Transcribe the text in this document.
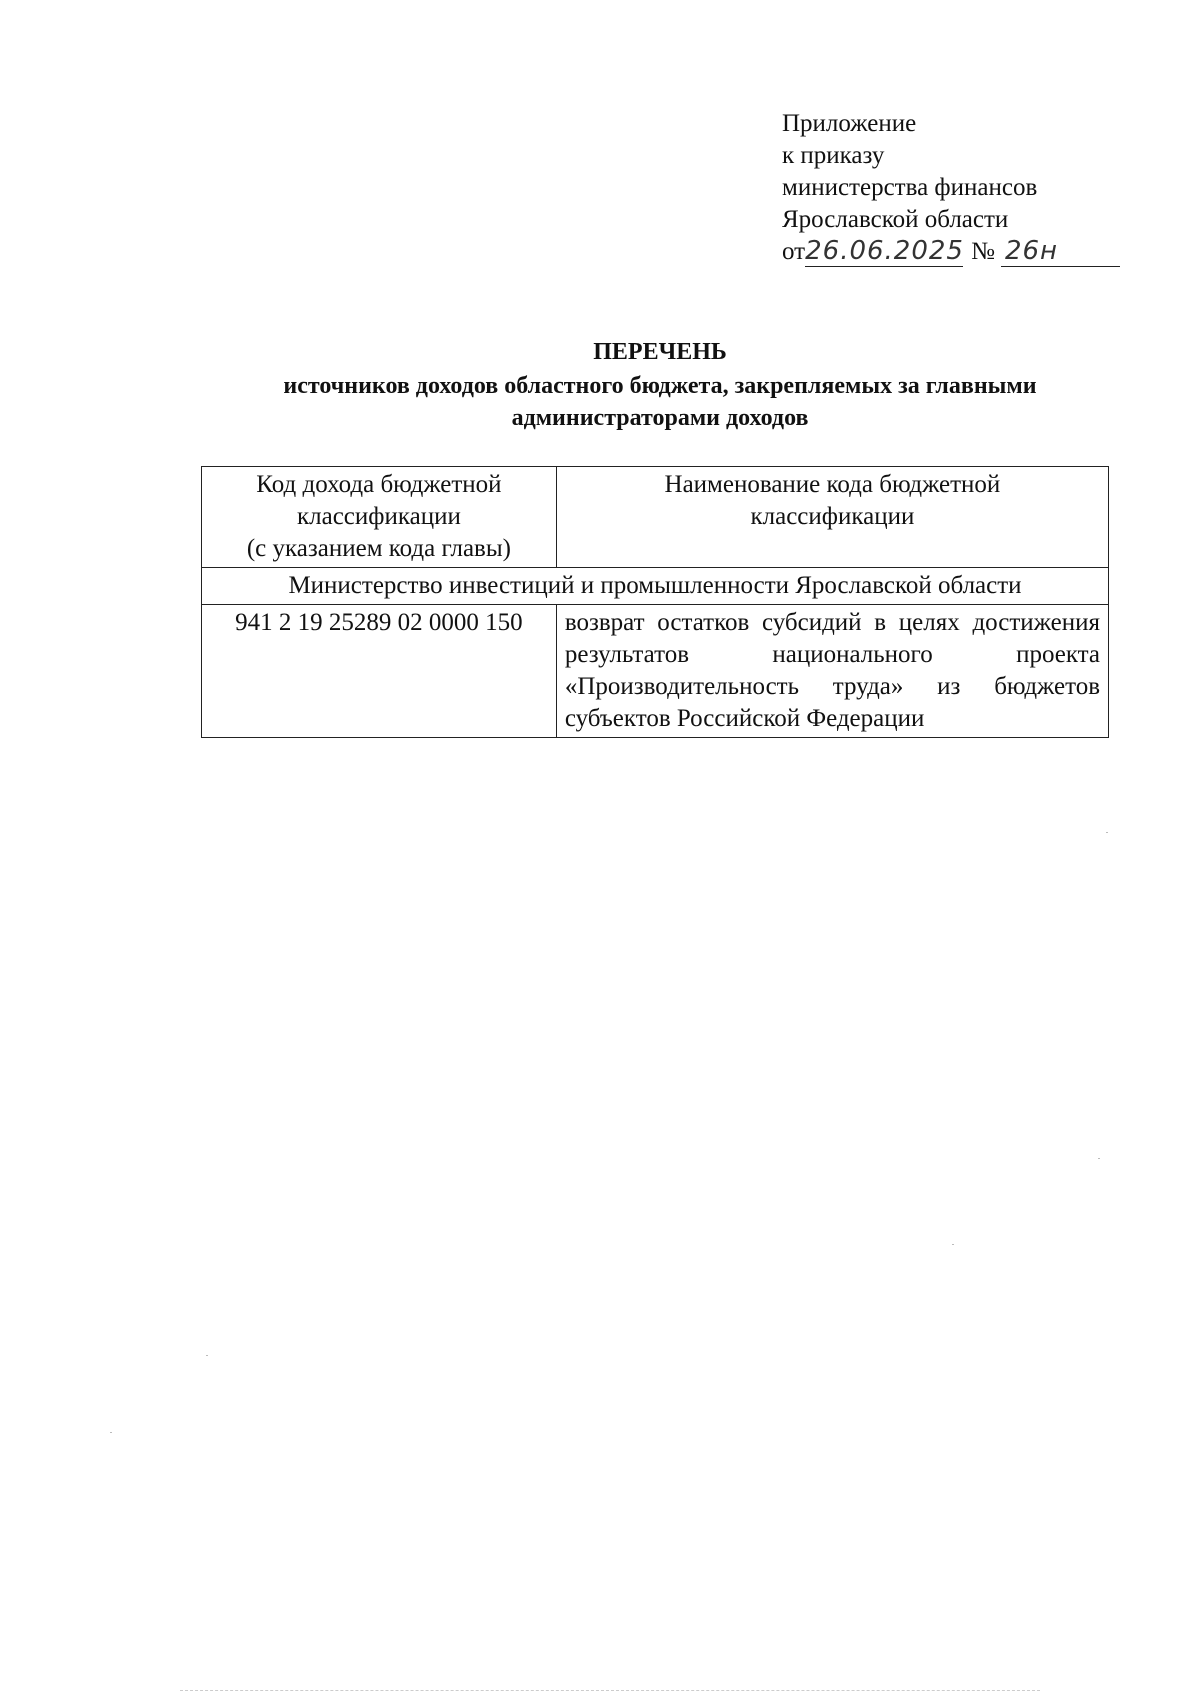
Приложение
к приказу
министерства финансов
Ярославской области
от26.06.2025 № 26н
ПЕРЕЧЕНЬ
источников доходов областного бюджета, закрепляемых за главными
администраторами доходов
Код дохода бюджетной
классификации
(с указанием кода главы)	Наименование кода бюджетной
классификации

Министерство инвестиций и промышленности Ярославской области	
941 2 19 25289 02 0000 150	возврат остатков субсидий в целях достижения результатов национального проекта «Производительность труда» из бюджетов субъектов Российской Федерации
